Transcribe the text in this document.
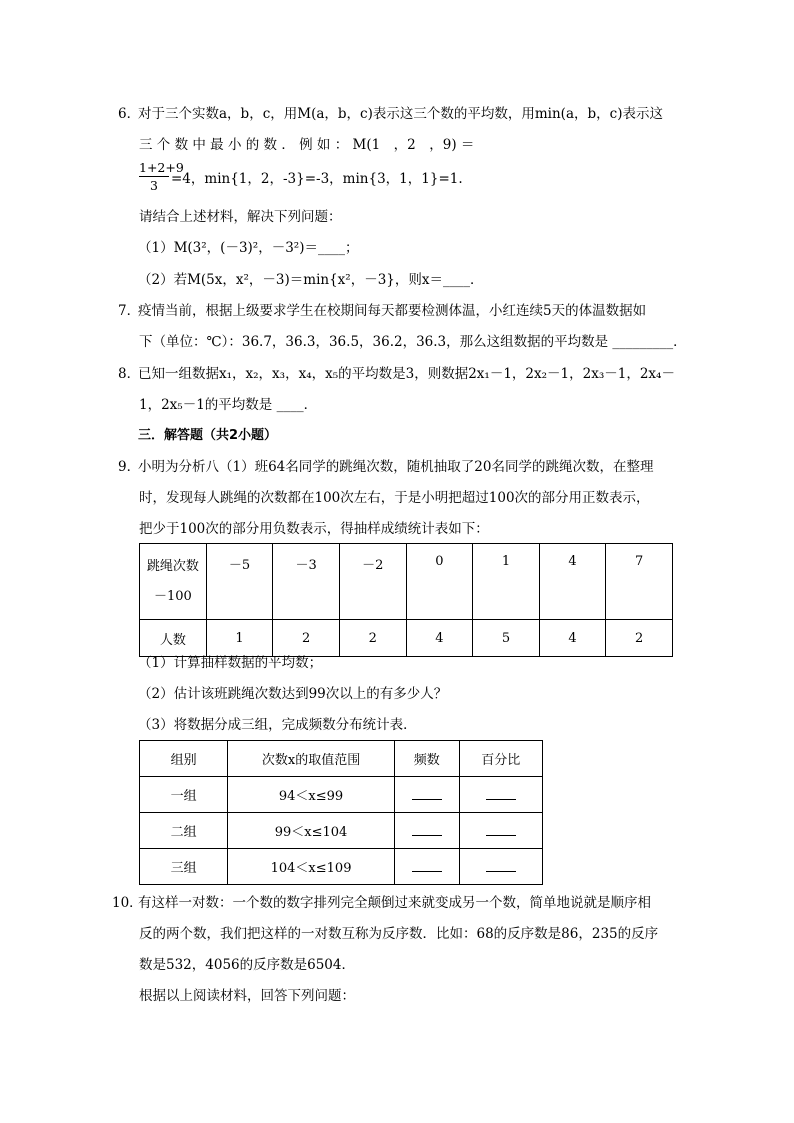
6．
对于三个实数a，b，c，用M(a，b，c)表示这三个数的平均数，用min(a，b，c)表示这
三 个 数 中 最 小 的 数 ． 例 如 ： M(1　，2　，9) ＝
1+2+9
3 =4，min{1，2，-3}=-3，min{3，1，1}=1.
请结合上述材料，解决下列问题：
（1）M(3²，(－3)²，－3²)＝____；
（2）若M(5x，x²，－3)＝min{x²，－3}，则x＝____．
7．
疫情当前，根据上级要求学生在校期间每天都要检测体温，小红连续5天的体温数据如
下（单位：℃）：36.7，36.3，36.5，36.2，36.3，那么这组数据的平均数是 _________．
8．
已知一组数据x₁，x₂，x₃，x₄，x₅的平均数是3，则数据2x₁－1，2x₂－1，2x₃－1，2x₄－
1，2x₅－1的平均数是 ____．
三．解答题（共2小题）
9．
小明为分析八（1）班64名同学的跳绳次数，随机抽取了20名同学的跳绳次数，在整理
时，发现每人跳绳的次数都在100次左右，于是小明把超过100次的部分用正数表示，
把少于100次的部分用负数表示，得抽样成绩统计表如下：
跳绳次数
－100	－5	－3	－2	0	1	4	7
人数	1	2	2	4	5	4	2
（1）计算抽样数据的平均数；
（2）估计该班跳绳次数达到99次以上的有多少人？
（3）将数据分成三组，完成频数分布统计表．
组别	次数x的取值范围	频数	百分比
一组	94＜x≤99		
二组	99＜x≤104		
三组	104＜x≤109		
10．
有这样一对数：一个数的数字排列完全颠倒过来就变成另一个数，简单地说就是顺序相
反的两个数，我们把这样的一对数互称为反序数．比如：68的反序数是86，235的反序
数是532，4056的反序数是6504．
根据以上阅读材料，回答下列问题：
